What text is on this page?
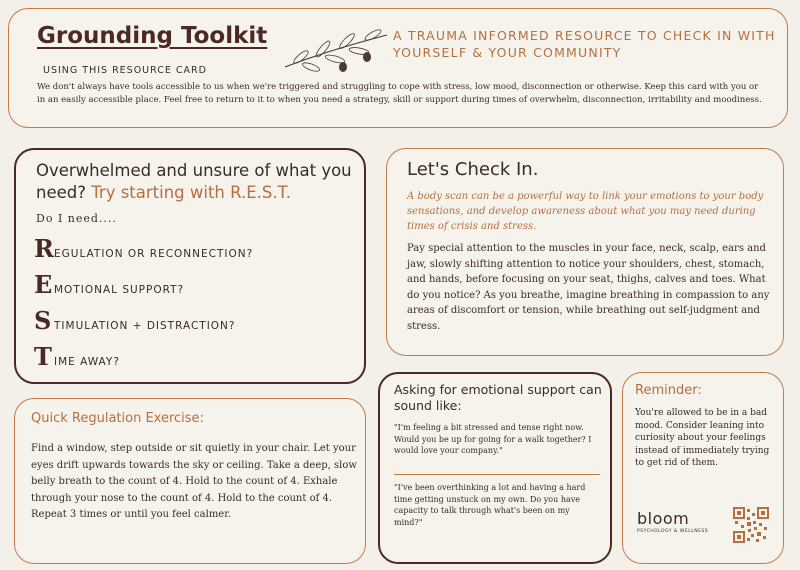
Grounding Toolkit	A TRAUMA INFORMED RESOURCE TO CHECK IN WITH YOURSELF & YOUR COMMUNITY
USING THIS RESOURCE CARD
We don't always have tools accessible to us when we're triggered and struggling to cope with stress, low mood, disconnection or otherwise. Keep this card with you or in an easily accessible place. Feel free to return to it to when you need a strategy, skill or support during times of overwhelm, disconnection, irritability and moodiness.
Overwhelmed and unsure of what you need? Try starting with R.E.S.T.
Do I need....
R EGULATION OR RECONNECTION?
E MOTIONAL SUPPORT?
S TIMULATION + DISTRACTION?
T IME AWAY?
Let's Check In.
A body scan can be a powerful way to link your emotions to your body sensations, and develop awareness about what you may need during times of crisis and stress.
Pay special attention to the muscles in your face, neck, scalp, ears and jaw, slowly shifting attention to notice your shoulders, chest, stomach, and hands, before focusing on your seat, thighs, calves and toes. What do you notice? As you breathe, imagine breathing in compassion to any areas of discomfort or tension, while breathing out self-judgment and stress.
Quick Regulation Exercise:
Find a window, step outside or sit quietly in your chair. Let your eyes drift upwards towards the sky or ceiling. Take a deep, slow belly breath to the count of 4. Hold to the count of 4. Exhale through your nose to the count of 4. Hold to the count of 4. Repeat 3 times or until you feel calmer.
Asking for emotional support can sound like:
"I'm feeling a bit stressed and tense right now. Would you be up for going for a walk together? I would love your company."
"I've been overthinking a lot and having a hard time getting unstuck on my own. Do you have capacity to talk through what's been on my mind?"
Reminder:
You're allowed to be in a bad mood. Consider leaning into curiosity about your feelings instead of immediately trying to get rid of them.
bloom
PSYCHOLOGY & WELLNESS
